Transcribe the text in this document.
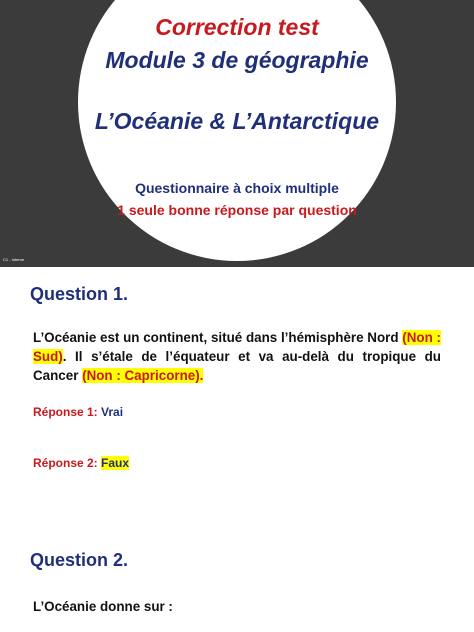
Correction test
Module 3 de géographie
L’Océanie & L’Antarctique
Questionnaire à choix multiple
1 seule bonne réponse par question
C1 - Interne
Question 1.
L’Océanie est un continent, situé dans l’hémisphère Nord (Non : Sud). Il s’étale de l’équateur et va au-delà du tropique du Cancer (Non : Capricorne).
Réponse 1: Vrai
Réponse 2: Faux
Question 2.
L’Océanie donne sur :
